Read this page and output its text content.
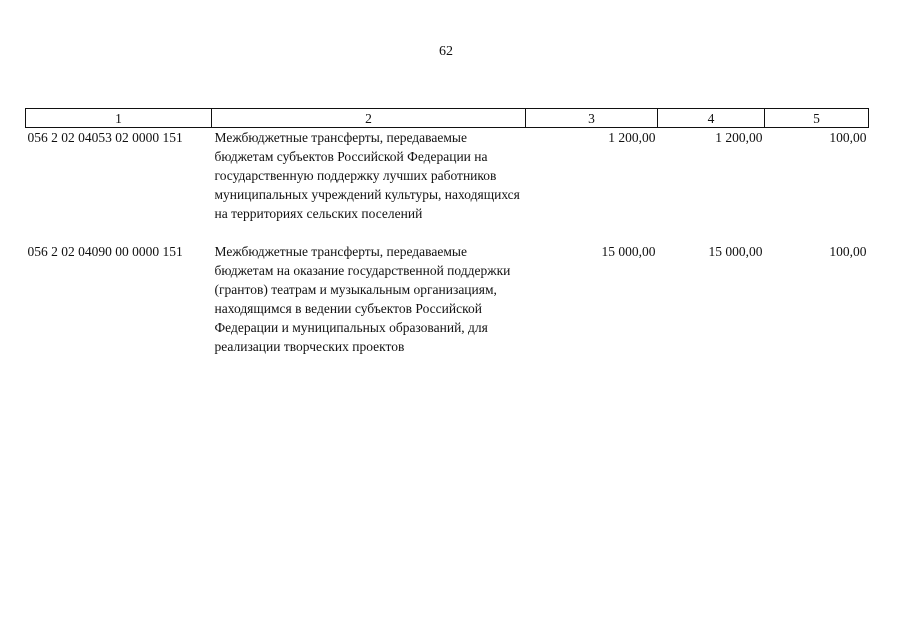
62
1	2	3	4	5
056 2 02 04053 02 0000 151	Межбюджетные трансферты, передаваемые бюджетам субъектов Российской Федерации на государственную поддержку лучших работников муниципальных учреждений культуры, находящихся на территориях сельских поселений	1 200,00	1 200,00	100,00

056 2 02 04090 00 0000 151	Межбюджетные трансферты, передаваемые бюджетам на оказание государственной поддержки (грантов) театрам и музыкальным организациям, находящимся в ведении субъектов Российской Федерации и муниципальных образований, для реализации творческих проектов	15 000,00	15 000,00	100,00
